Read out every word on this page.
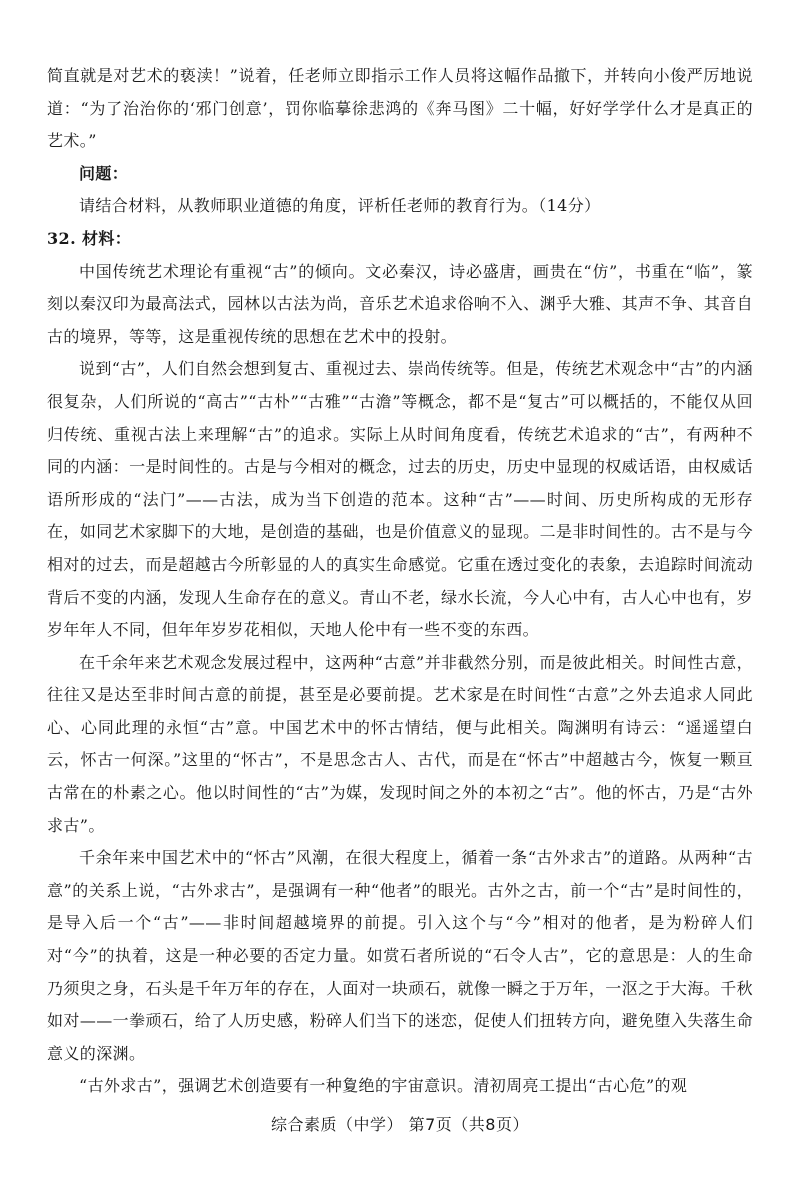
简直就是对艺术的亵渎！”说着，任老师立即指示工作人员将这幅作品撤下，并转向小俊严厉地说道：“为了治治你的‘邪门创意’，罚你临摹徐悲鸿的《奔马图》二十幅，好好学学什么才是真正的艺术。”

问题：

请结合材料，从教师职业道德的角度，评析任老师的教育行为。（14分）

32. 材料：

中国传统艺术理论有重视“古”的倾向。文必秦汉，诗必盛唐，画贵在“仿”，书重在“临”，篆刻以秦汉印为最高法式，园林以古法为尚，音乐艺术追求俗响不入、渊乎大雅、其声不争、其音自古的境界，等等，这是重视传统的思想在艺术中的投射。

说到“古”，人们自然会想到复古、重视过去、崇尚传统等。但是，传统艺术观念中“古”的内涵很复杂，人们所说的“高古”“古朴”“古雅”“古澹”等概念，都不是“复古”可以概括的，不能仅从回归传统、重视古法上来理解“古”的追求。实际上从时间角度看，传统艺术追求的“古”，有两种不同的内涵：一是时间性的。古是与今相对的概念，过去的历史，历史中显现的权威话语，由权威话语所形成的“法门”——古法，成为当下创造的范本。这种“古”——时间、历史所构成的无形存在，如同艺术家脚下的大地，是创造的基础，也是价值意义的显现。二是非时间性的。古不是与今相对的过去，而是超越古今所彰显的人的真实生命感觉。它重在透过变化的表象，去追踪时间流动背后不变的内涵，发现人生命存在的意义。青山不老，绿水长流，今人心中有，古人心中也有，岁岁年年人不同，但年年岁岁花相似，天地人伦中有一些不变的东西。

在千余年来艺术观念发展过程中，这两种“古意”并非截然分别，而是彼此相关。时间性古意，往往又是达至非时间古意的前提，甚至是必要前提。艺术家是在时间性“古意”之外去追求人同此心、心同此理的永恒“古”意。中国艺术中的怀古情结，便与此相关。陶渊明有诗云：“遥遥望白云，怀古一何深。”这里的“怀古”，不是思念古人、古代，而是在“怀古”中超越古今，恢复一颗亘古常在的朴素之心。他以时间性的“古”为媒，发现时间之外的本初之“古”。他的怀古，乃是“古外求古”。

千余年来中国艺术中的“怀古”风潮，在很大程度上，循着一条“古外求古”的道路。从两种“古意”的关系上说，“古外求古”，是强调有一种“他者”的眼光。古外之古，前一个“古”是时间性的，是导入后一个“古”——非时间超越境界的前提。引入这个与“今”相对的他者，是为粉碎人们对“今”的执着，这是一种必要的否定力量。如赏石者所说的“石令人古”，它的意思是：人的生命乃须臾之身，石头是千年万年的存在，人面对一块顽石，就像一瞬之于万年，一沤之于大海。千秋如对——一拳顽石，给了人历史感，粉碎人们当下的迷恋，促使人们扭转方向，避免堕入失落生命意义的深渊。

“古外求古”，强调艺术创造要有一种夐绝的宇宙意识。清初周亮工提出“古心危”的观

综合素质（中学） 第7页（共8页）
